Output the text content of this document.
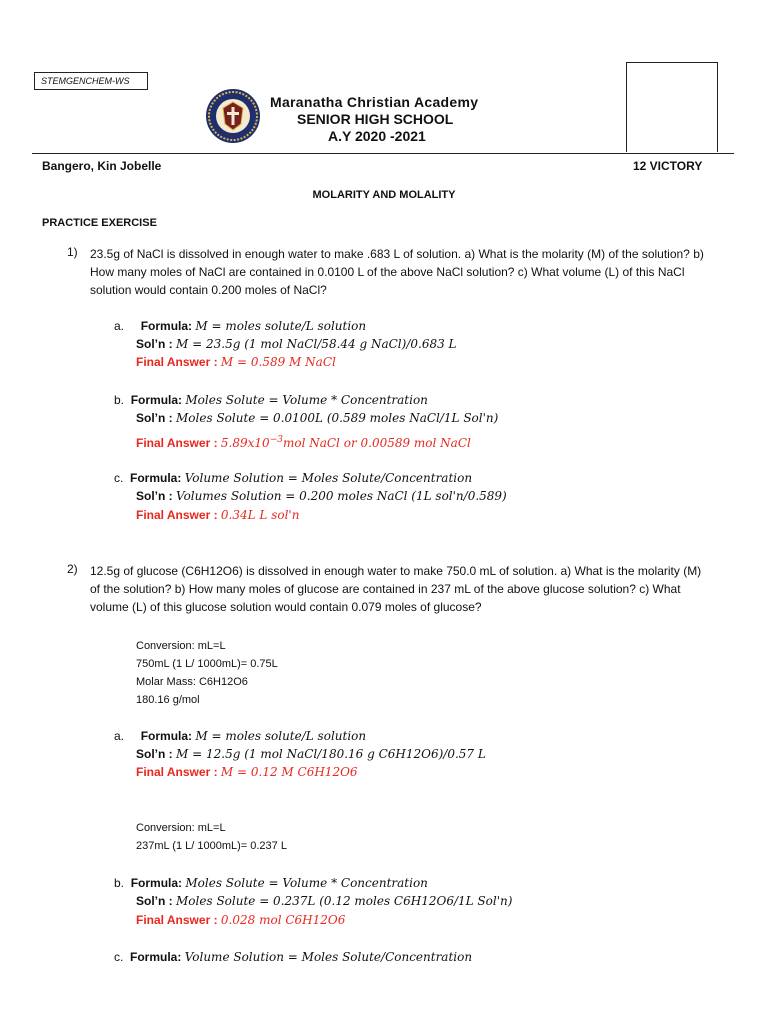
STEMGENCHEM-WS
Maranatha Christian Academy
SENIOR HIGH SCHOOL
A.Y 2020 -2021
Bangero, Kin Jobelle	12 VICTORY
MOLARITY AND MOLALITY
PRACTICE EXERCISE
1) 23.5g of NaCl is dissolved in enough water to make .683 L of solution. a) What is the molarity (M) of the solution? b) How many moles of NaCl are contained in 0.0100 L of the above NaCl solution? c) What volume (L) of this NaCl solution would contain 0.200 moles of NaCl?
a. Formula: M = moles solute/L solution
Sol’n : M = 23.5g (1 mol NaCl/58.44 g NaCl)/0.683 L
Final Answer : M = 0.589 M NaCl
b. Formula: Moles Solute = Volume * Concentration
Sol’n : Moles Solute = 0.0100L (0.589 moles NaCl/1L Sol'n)
Final Answer : $5.89x10^{-3}mol$ NaCl or 0.00589 mol NaCl
c. Formula: Volume Solution = Moles Solute/Concentration
Sol’n : Volumes Solution = 0.200 moles NaCl (1L sol'n/0.589)
Final Answer : 0.34L L sol'n
2) 12.5g of glucose (C6H12O6) is dissolved in enough water to make 750.0 mL of solution. a) What is the molarity (M) of the solution? b) How many moles of glucose are contained in 237 mL of the above glucose solution? c) What volume (L) of this glucose solution would contain 0.079 moles of glucose?
Conversion: mL=L
750mL (1 L/ 1000mL)= 0.75L
Molar Mass: C6H12O6
180.16 g/mol
a. Formula: M = moles solute/L solution
Sol’n : M = 12.5g (1 mol NaCl/180.16 g C6H12O6)/0.57 L
Final Answer : M = 0.12 M C6H12O6
Conversion: mL=L
237mL (1 L/ 1000mL)= 0.237 L
b. Formula: Moles Solute = Volume * Concentration
Sol’n : Moles Solute = 0.237L (0.12 moles C6H12O6/1L Sol'n)
Final Answer : 0.028 mol C6H12O6
c. Formula: Volume Solution = Moles Solute/Concentration
